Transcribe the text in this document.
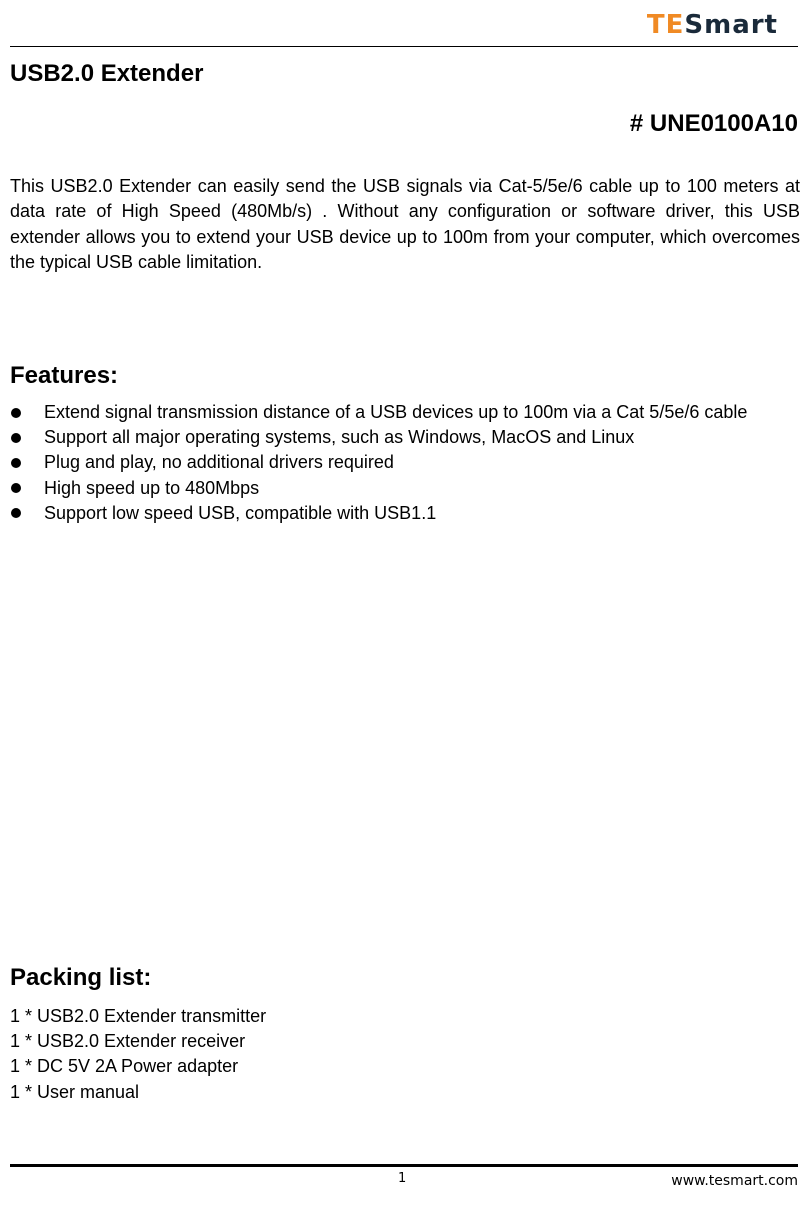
TESmart
USB2.0 Extender
# UNE0100A10

This USB2.0 Extender can easily send the USB signals via Cat-5/5e/6 cable up to 100 meters at data rate of High Speed (480Mb/s) . Without any configuration or software driver, this USB extender allows you to extend your USB device up to 100m from your computer, which overcomes the typical USB cable limitation.

Features:
Extend signal transmission distance of a USB devices up to 100m via a Cat 5/5e/6 cable
Support all major operating systems, such as Windows, MacOS and Linux
Plug and play, no additional drivers required
High speed up to 480Mbps
Support low speed USB, compatible with USB1.1
Packing list:
1 * USB2.0 Extender transmitter
1 * USB2.0 Extender receiver
1 * DC 5V 2A Power adapter
1 * User manual
1	www.tesmart.com
